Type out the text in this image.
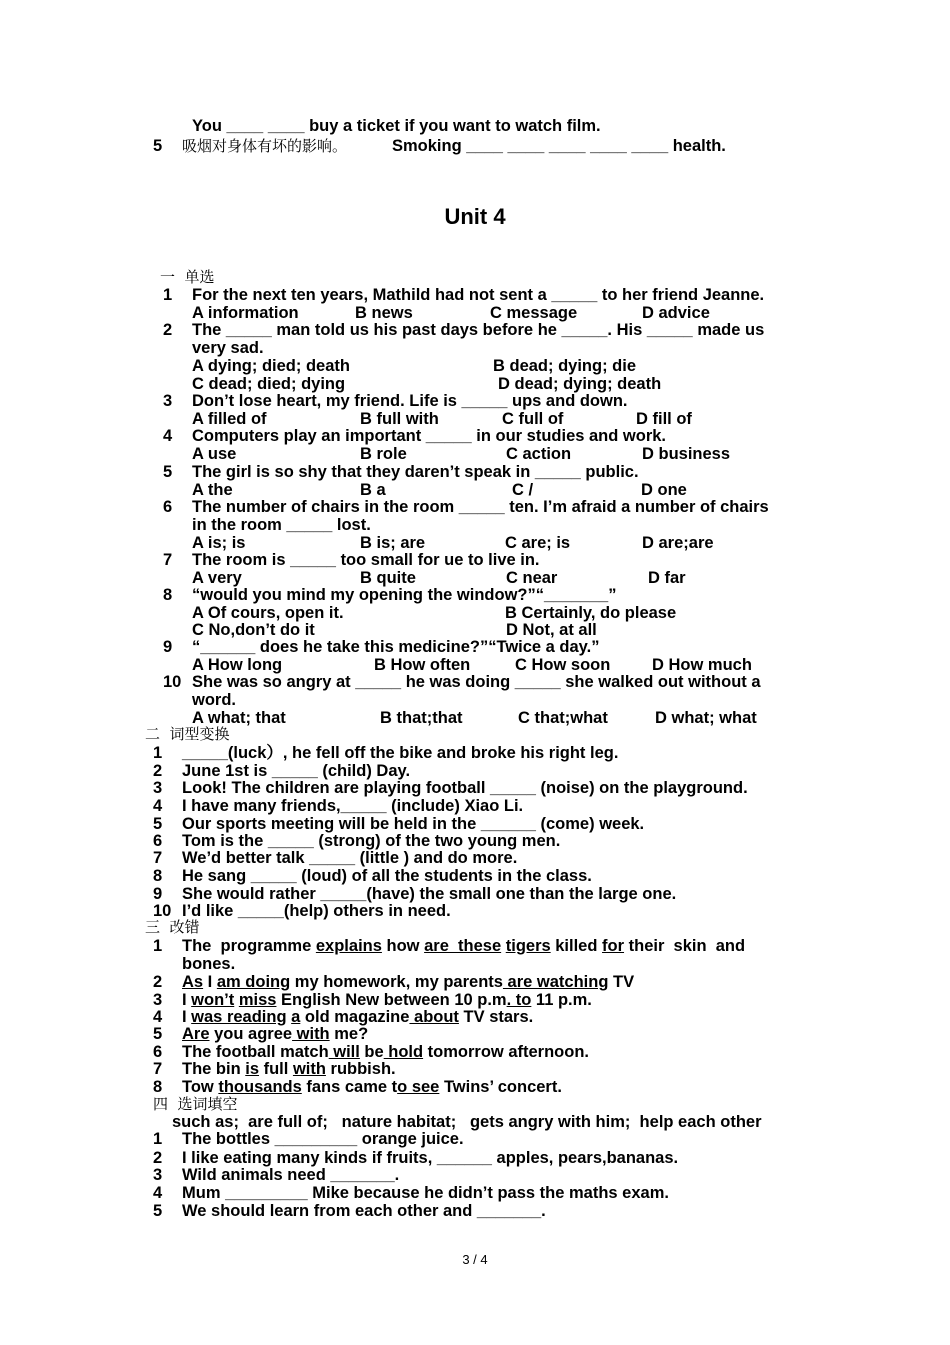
You ____ ____ buy a ticket if you want to watch film.
5 吸烟对身体有坏的影响。	Smoking ____ ____ ____ ____ ____ health.
Unit 4
一  单选
1 For the next ten years, Mathild had not sent a _____ to her friend Jeanne.
A information	B news	C message	D advice
2 The _____ man told us his past days before he _____. His _____ made us
very sad.
A dying; died; death	B dead; dying; die
C dead; died; dying	D dead; dying; death
3 Don’t lose heart, my friend. Life is _____ ups and down.
A filled of	B full with	C full of	D fill of
4 Computers play an important _____ in our studies and work.
A use	B role	C action	D business
5 The girl is so shy that they daren’t speak in _____ public.
A the	B a	C /	D one
6 The number of chairs in the room _____ ten. I’m afraid a number of chairs
in the room _____ lost.
A is; is	B is; are	C are; is	D are;are
7 The room is _____ too small for ue to live in.
A very	B quite	C near	D far
8 “would you mind my opening the window?”“_______”
A Of cours, open it.	B Certainly, do please
C No,don’t do it	D Not, at all
9 “______ does he take this medicine?”“Twice a day.”
A How long	B How often	C How soon	D How much
10 She was so angry at _____ he was doing _____ she walked out without a
word.
A what; that	B that;that	C that;what	D what; what
二  词型变换
1 _____(luck）, he fell off the bike and broke his right leg.
2 June 1st is _____ (child) Day.
3 Look! The children are playing football _____ (noise) on the playground.
4 I have many friends,_____ (include) Xiao Li.
5 Our sports meeting will be held in the ______ (come) week.
6 Tom is the _____ (strong) of the two young men.
7 We’d better talk _____ (little ) and do more.
8 He sang _____ (loud) of all the students in the class.
9 She would rather _____(have) the small one than the large one.
10 I’d like _____(help) others in need.
三  改错
1 The  programme explains how are  these tigers killed for their  skin  and
bones.
2 As I am doing my homework, my parents are watching TV
3 I won’t miss English New between 10 p.m. to 11 p.m.
4 I was reading a old magazine about TV stars.
5 Are you agree with me?
6 The football match will be hold tomorrow afternoon.
7 The bin is full with rubbish.
8 Tow thousands fans came to see Twins’ concert.
四  选词填空
such as;  are full of;   nature habitat;   gets angry with him;  help each other
1 The bottles _________ orange juice.
2 I like eating many kinds if fruits, ______ apples, pears,bananas.
3 Wild animals need _______.
4 Mum _________ Mike because he didn’t pass the maths exam.
5 We should learn from each other and _______.
3 / 4
